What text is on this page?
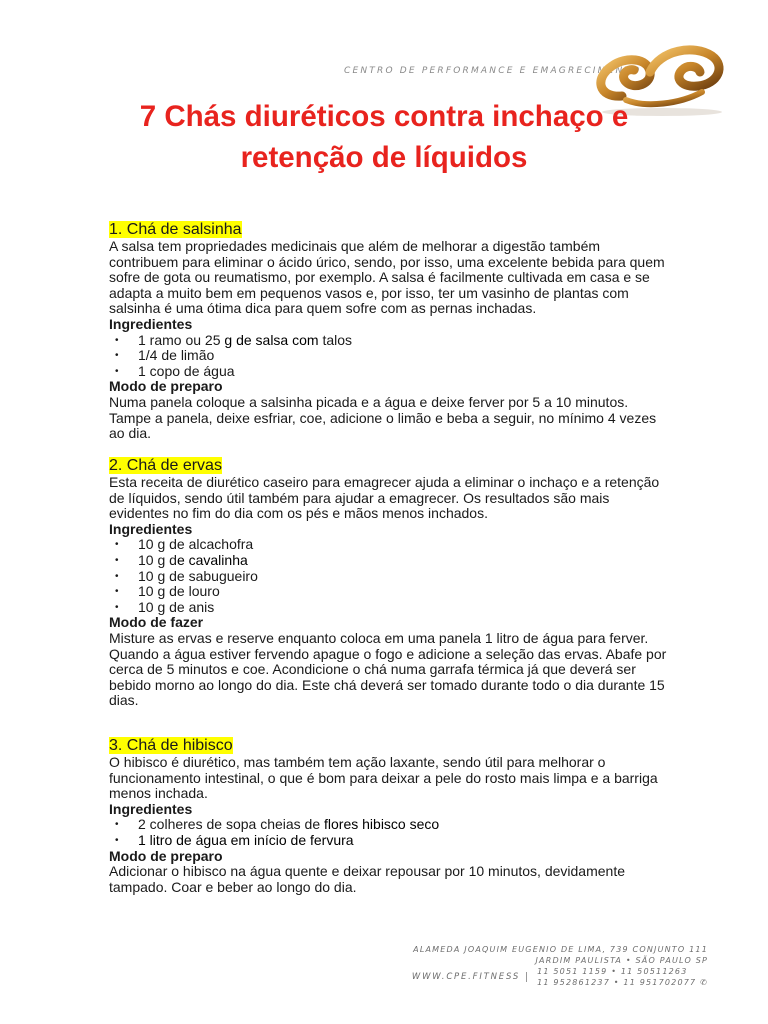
CENTRO DE PERFORMANCE E EMAGRECIMENTO
7 Chás diuréticos contra inchaço e
retenção de líquidos
1. Chá de salsinha

A salsa tem propriedades medicinais que além de melhorar a digestão também contribuem para eliminar o ácido úrico, sendo, por isso, uma excelente bebida para quem sofre de gota ou reumatismo, por exemplo. A salsa é facilmente cultivada em casa e se adapta a muito bem em pequenos vasos e, por isso, ter um vasinho de plantas com salsinha é uma ótima dica para quem sofre com as pernas inchadas.

Ingredientes
• 1 ramo ou 25 g de salsa com talos
• 1/4 de limão
• 1 copo de água
Modo de preparo

Numa panela coloque a salsinha picada e a água e deixe ferver por 5 a 10 minutos. Tampe a panela, deixe esfriar, coe, adicione o limão e beba a seguir, no mínimo 4 vezes ao dia.

2. Chá de ervas

Esta receita de diurético caseiro para emagrecer ajuda a eliminar o inchaço e a retenção de líquidos, sendo útil também para ajudar a emagrecer. Os resultados são mais evidentes no fim do dia com os pés e mãos menos inchados.

Ingredientes
• 10 g de alcachofra
• 10 g de cavalinha
• 10 g de sabugueiro
• 10 g de louro
• 10 g de anis
Modo de fazer

Misture as ervas e reserve enquanto coloca em uma panela 1 litro de água para ferver. Quando a água estiver fervendo apague o fogo e adicione a seleção das ervas. Abafe por cerca de 5 minutos e coe. Acondicione o chá numa garrafa térmica já que deverá ser bebido morno ao longo do dia. Este chá deverá ser tomado durante todo o dia durante 15 dias.

3. Chá de hibisco

O hibisco é diurético, mas também tem ação laxante, sendo útil para melhorar o funcionamento intestinal, o que é bom para deixar a pele do rosto mais limpa e a barriga menos inchada.

Ingredientes
• 2 colheres de sopa cheias de flores hibisco seco
• 1 litro de água em início de fervura
Modo de preparo

Adicionar o hibisco na água quente e deixar repousar por 10 minutos, devidamente tampado. Coar e beber ao longo do dia.

ALAMEDA JOAQUIM EUGENIO DE LIMA, 739 CONJUNTO 111
JARDIM PAULISTA • SÃO PAULO SP
WWW.CPE.FITNESS
11 5051 1159 • 11 50511263
11 952861237 • 11 951702077 ✆
